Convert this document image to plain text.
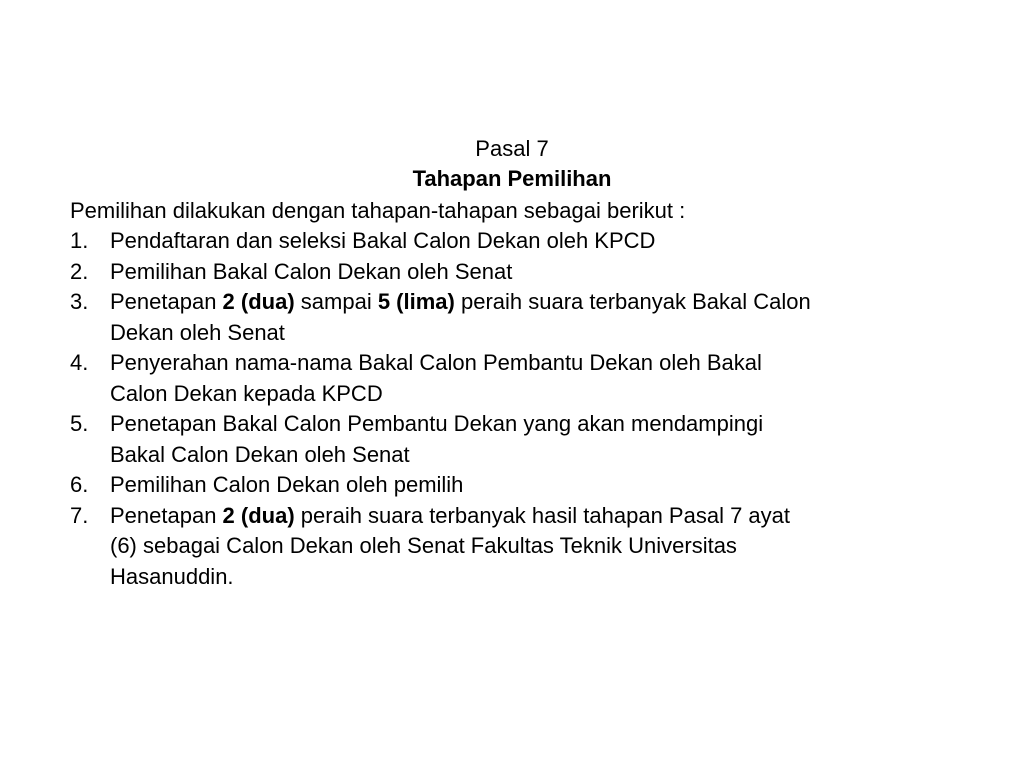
Pasal 7
Tahapan Pemilihan
Pemilihan dilakukan dengan tahapan-tahapan sebagai berikut :
1. Pendaftaran dan seleksi Bakal Calon Dekan oleh KPCD
2. Pemilihan Bakal Calon Dekan oleh Senat
3. Penetapan 2 (dua) sampai 5 (lima) peraih suara terbanyak Bakal Calon
Dekan oleh Senat
4. Penyerahan nama-nama Bakal Calon Pembantu Dekan oleh Bakal
Calon Dekan kepada KPCD
5. Penetapan Bakal Calon Pembantu Dekan yang akan mendampingi
Bakal Calon Dekan oleh Senat
6. Pemilihan Calon Dekan oleh pemilih
7. Penetapan 2 (dua) peraih suara terbanyak hasil tahapan Pasal 7 ayat
(6) sebagai Calon Dekan oleh Senat Fakultas Teknik Universitas
Hasanuddin.
